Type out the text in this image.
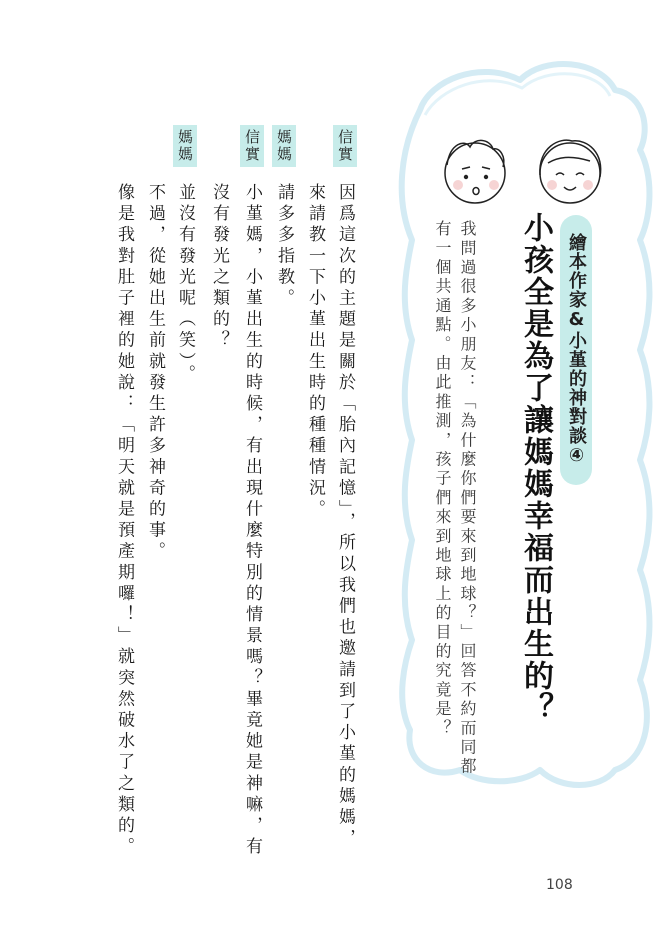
繪本作家&小堇的神對談④
小孩全是為了讓媽媽幸福而出生的？
我問過很多小朋友：「為什麼你們要來到地球？」回答不約而同都有一個共通點。由此推測，孩子們來到地球上的目的究竟是？
信實
媽媽
信實
媽媽
因爲這次的主題是關於「胎內記憶」，所以我們也邀請到了小堇的媽媽，
來請教一下小堇出生時的種種情況。
請多多指教。
小堇媽，小堇出生的時候，有出現什麼特別的情景嗎？畢竟她是神嘛，有
沒有發光之類的？
並沒有發光呢（笑）。
不過，從她出生前就發生許多神奇的事。
像是我對肚子裡的她說：「明天就是預產期囉！」就突然破水了之類的。
108
